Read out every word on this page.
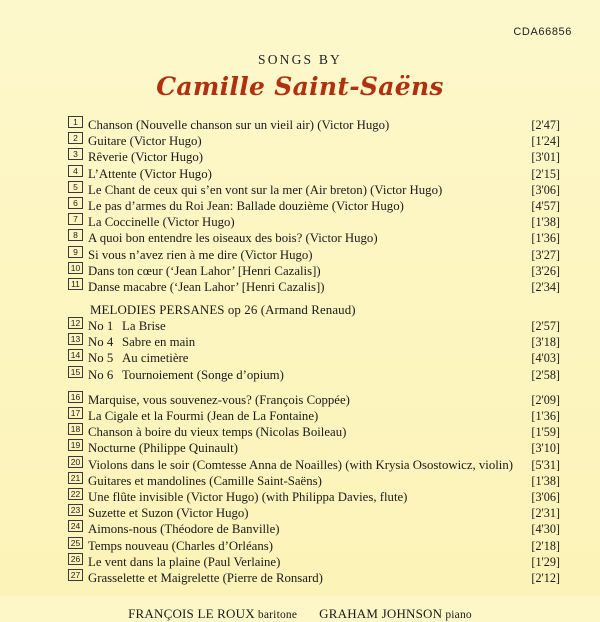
CDA66856
SONGS BY
Camille Saint-Saëns
1 Chanson (Nouvelle chanson sur un vieil air) (Victor Hugo)	[2'47]
2 Guitare (Victor Hugo)	[1'24]
3 Rêverie (Victor Hugo)	[3'01]
4 L’Attente (Victor Hugo)	[2'15]
5 Le Chant de ceux qui s’en vont sur la mer (Air breton) (Victor Hugo)	[3'06]
6 Le pas d’armes du Roi Jean: Ballade douzième (Victor Hugo)	[4'57]
7 La Coccinelle (Victor Hugo)	[1'38]
8 A quoi bon entendre les oiseaux des bois? (Victor Hugo)	[1'36]
9 Si vous n’avez rien à me dire (Victor Hugo)	[3'27]
10 Dans ton cœur (‘Jean Lahor’ [Henri Cazalis])	[3'26]
11 Danse macabre (‘Jean Lahor’ [Henri Cazalis])	[2'34]
MELODIES PERSANES op 26 (Armand Renaud)
12 No 1 La Brise	[2'57]
13 No 4 Sabre en main	[3'18]
14 No 5 Au cimetière	[4'03]
15 No 6 Tournoiement (Songe d’opium)	[2'58]
16 Marquise, vous souvenez-vous? (François Coppée)	[2'09]
17 La Cigale et la Fourmi (Jean de La Fontaine)	[1'36]
18 Chanson à boire du vieux temps (Nicolas Boileau)	[1'59]
19 Nocturne (Philippe Quinault)	[3'10]
20 Violons dans le soir (Comtesse Anna de Noailles) (with Krysia Osostowicz, violin)	[5'31]
21 Guitares et mandolines (Camille Saint-Saëns)	[1'38]
22 Une flûte invisible (Victor Hugo) (with Philippa Davies, flute)	[3'06]
23 Suzette et Suzon (Victor Hugo)	[2'31]
24 Aimons-nous (Théodore de Banville)	[4'30]
25 Temps nouveau (Charles d’Orléans)	[2'18]
26 Le vent dans la plaine (Paul Verlaine)	[1'29]
27 Grasselette et Maigrelette (Pierre de Ronsard)	[2'12]
FRANÇOIS LE ROUX baritone GRAHAM JOHNSON piano
